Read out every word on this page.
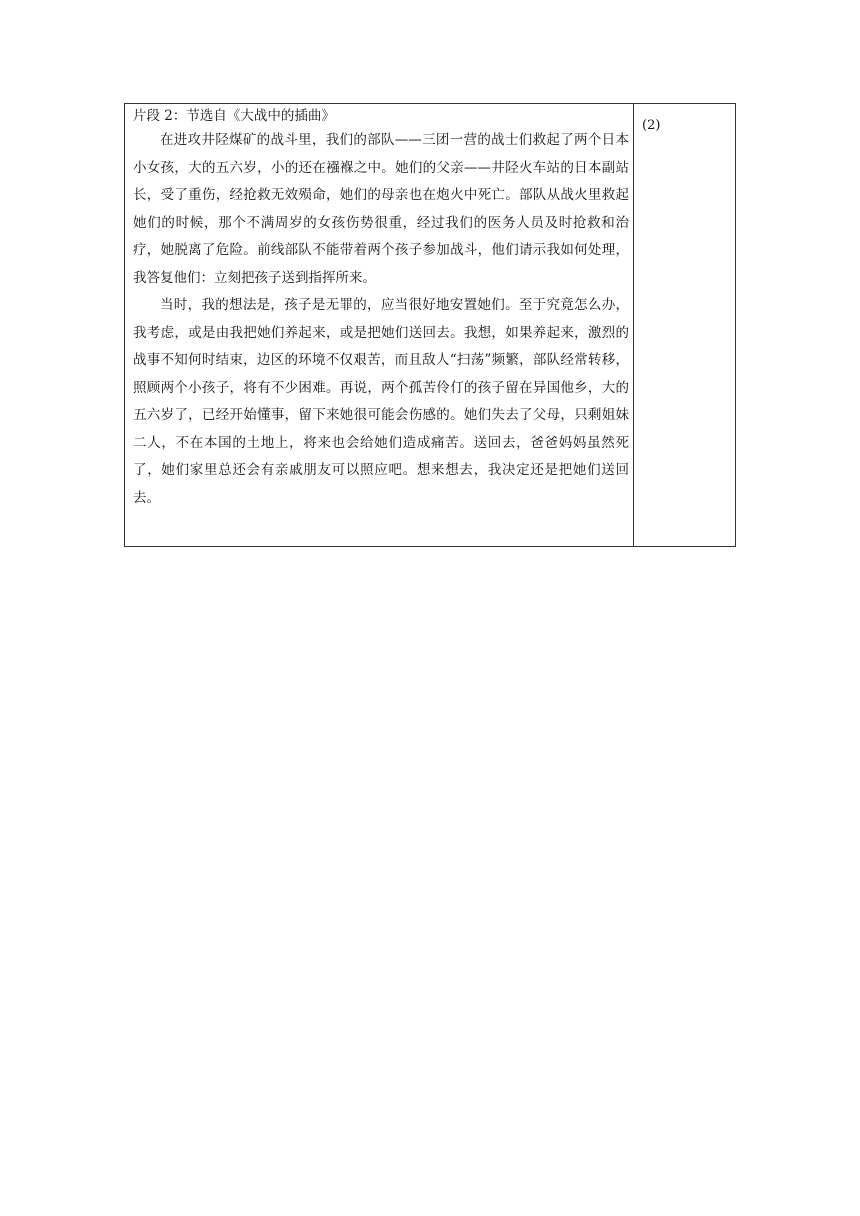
片段 2：节选自《大战中的插曲》

在进攻井陉煤矿的战斗里，我们的部队——三团一营的战士们救起了两个日本小女孩，大的五六岁，小的还在襁褓之中。她们的父亲——井陉火车站的日本副站长，受了重伤，经抢救无效殒命，她们的母亲也在炮火中死亡。部队从战火里救起她们的时候，那个不满周岁的女孩伤势很重，经过我们的医务人员及时抢救和治疗，她脱离了危险。前线部队不能带着两个孩子参加战斗，他们请示我如何处理，我答复他们：立刻把孩子送到指挥所来。

当时，我的想法是，孩子是无罪的，应当很好地安置她们。至于究竟怎么办，我考虑，或是由我把她们养起来，或是把她们送回去。我想，如果养起来，激烈的战事不知何时结束，边区的环境不仅艰苦，而且敌人“扫荡”频繁，部队经常转移，照顾两个小孩子，将有不少困难。再说，两个孤苦伶仃的孩子留在异国他乡，大的五六岁了，已经开始懂事，留下来她很可能会伤感的。她们失去了父母，只剩姐妹二人，不在本国的土地上，将来也会给她们造成痛苦。送回去，爸爸妈妈虽然死了，她们家里总还会有亲戚朋友可以照应吧。想来想去，我决定还是把她们送回去。

(2)
